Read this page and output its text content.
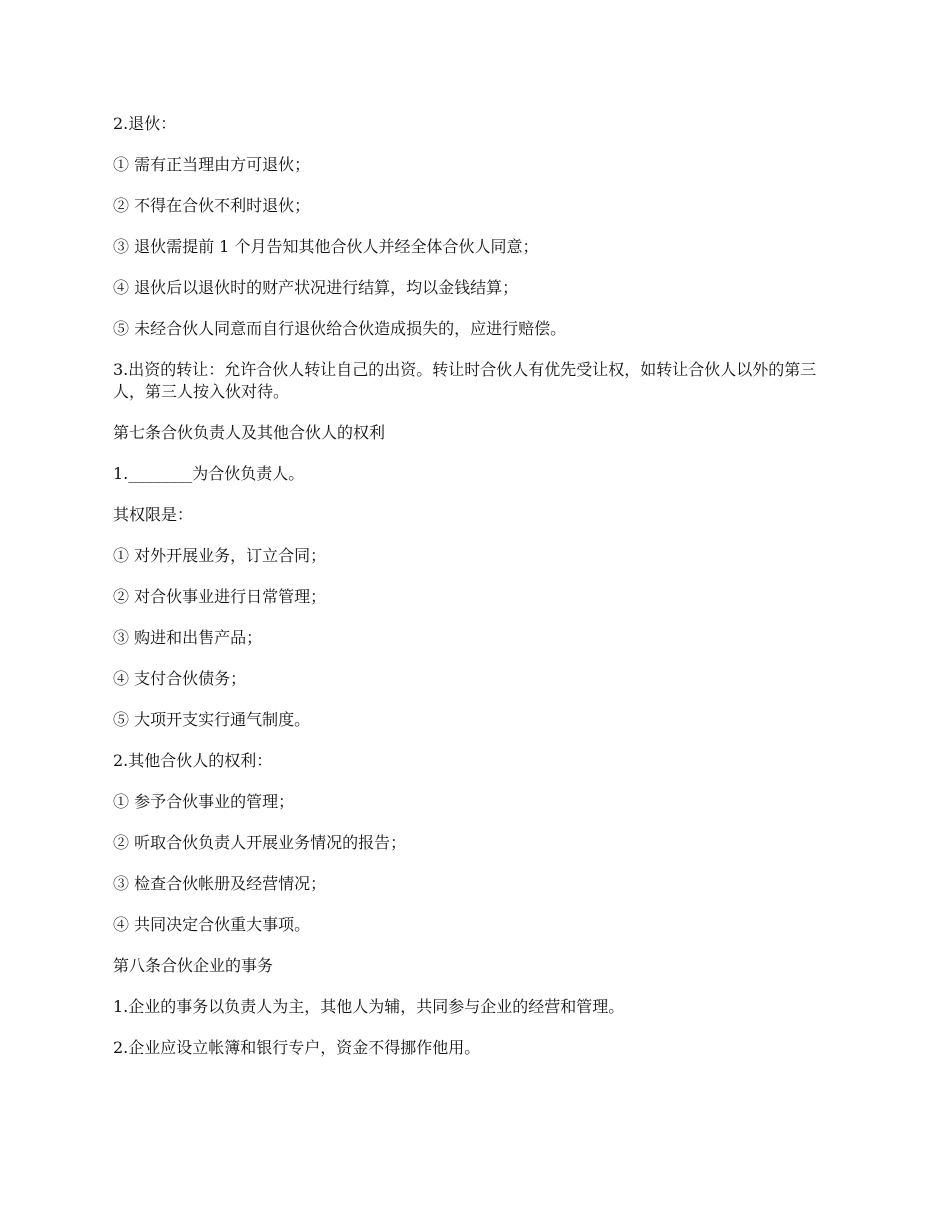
2.退伙：

① 需有正当理由方可退伙；

② 不得在合伙不利时退伙；

③ 退伙需提前 1 个月告知其他合伙人并经全体合伙人同意；

④ 退伙后以退伙时的财产状况进行结算，均以金钱结算；

⑤ 未经合伙人同意而自行退伙给合伙造成损失的，应进行赔偿。

3.出资的转让：允许合伙人转让自己的出资。转让时合伙人有优先受让权，如转让合伙人以外的第三人，第三人按入伙对待。

第七条合伙负责人及其他合伙人的权利

1.________为合伙负责人。

其权限是：

① 对外开展业务，订立合同；

② 对合伙事业进行日常管理；

③ 购进和出售产品；

④ 支付合伙债务；

⑤ 大项开支实行通气制度。

2.其他合伙人的权利：

① 参予合伙事业的管理；

② 听取合伙负责人开展业务情况的报告；

③ 检查合伙帐册及经营情况；

④ 共同决定合伙重大事项。

第八条合伙企业的事务

1.企业的事务以负责人为主，其他人为辅，共同参与企业的经营和管理。

2.企业应设立帐簿和银行专户，资金不得挪作他用。
